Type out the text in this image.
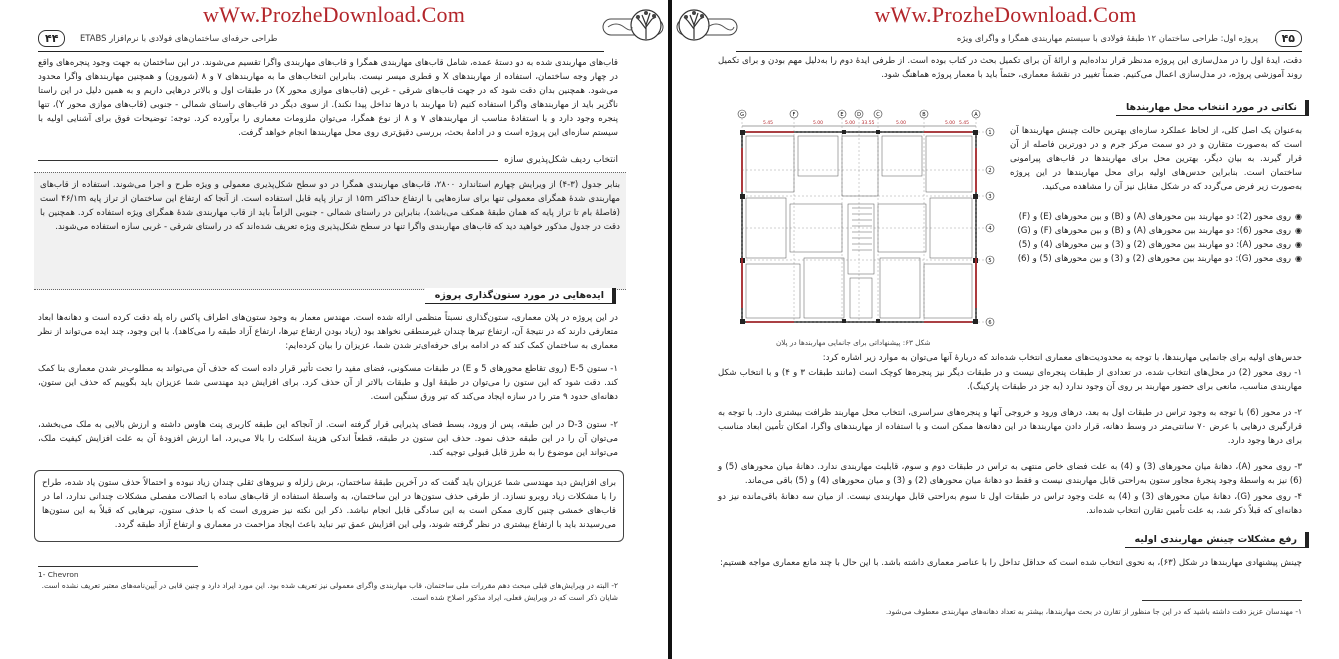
wWw.ProzheDownload.Com
۴۴	طراحی حرفه‌ای ساختمان‌های فولادی با نرم‌افزار ETABS
قاب‌های مهاربندی شده به دو دستهٔ عمده، شامل قاب‌های مهاربندی همگرا و قاب‌های مهاربندی واگرا تقسیم می‌شوند. در این ساختمان به جهت وجود پنجره‌های واقع در چهار وجه ساختمان، استفاده از مهاربندهای X و قطری میسر نیست. بنابراین انتخاب‌های ما به مهاربندهای ۷ و ۸ (شورون) و همچنین مهاربندهای واگرا محدود می‌شود. همچنین بدان دقت شود که در جهت قاب‌های شرقی - غربی (قاب‌های موازی محور X) در طبقات اول و بالاتر درهایی داریم و به همین دلیل در این راستا ناگزیر باید از مهاربندهای واگرا استفاده کنیم (تا مهاربند با درها تداخل پیدا نکند). از سوی دیگر در قاب‌های راستای شمالی - جنوبی (قاب‌های موازی محور Y)، تنها پنجره وجود دارد و با استفادهٔ مناسب از مهاربندهای ۷ و ۸ از نوع همگرا، می‌توان ملزومات معماری را برآورده کرد. توجه: توضیحات فوق برای آشنایی اولیه با سیستم سازه‌ای این پروژه است و در ادامهٔ بحث، بررسی دقیق‌تری روی محل مهاربندها انجام خواهد گرفت.
انتخاب ردیف شکل‌پذیری سازه
بنابر جدول (۳-۴) از ویرایش چهارم استاندارد ۲۸۰۰، قاب‌های مهاربندی همگرا در دو سطح شکل‌پذیری معمولی و ویژه طرح و اجرا می‌شوند. استفاده از قاب‌های مهاربندی شدهٔ همگرای معمولی تنها برای سازه‌هایی با ارتفاع حداکثر ۱۵m از تراز پایه قابل استفاده است. از آنجا که ارتفاع این ساختمان از تراز پایه ۴۶/۱m است (فاصلهٔ بام تا تراز پایه که همان طبقهٔ همکف می‌باشد)، بنابراین در راستای شمالی - جنوبی الزاماً باید از قاب مهاربندی شدهٔ همگرای ویژه استفاده کرد. همچنین با دقت در جدول مذکور خواهید دید که قاب‌های مهاربندی واگرا تنها در سطح شکل‌پذیری ویژه تعریف شده‌اند که در راستای شرقی - غربی سازه استفاده می‌شوند.
ایده‌هایی در مورد ستون‌گذاری پروژه
در این پروژه در پلان معماری، ستون‌گذاری نسبتاً منظمی ارائه شده است. مهندس معمار به وجود ستون‌های اطراف پاکس راه پله دقت کرده است و دهانه‌ها ابعاد متعارفی دارند که در نتیجهٔ آن، ارتفاع تیرها چندان غیرمنطقی نخواهد بود (زیاد بودن ارتفاع تیرها، ارتفاع آزاد طبقه را می‌کاهد). با این وجود، چند ایده می‌تواند از نظر معماری به ساختمان کمک کند که در ادامه برای حرفه‌ای‌تر شدن شما، عزیزان را بیان کرده‌ایم:
۱- ستون E-5 (روی تقاطع محورهای 5 و E) در طبقات مسکونی، فضای مفید را تحت تأثیر قرار داده است که حذف آن می‌تواند به مطلوب‌تر شدن معماری بنا کمک کند. دقت شود که این ستون را می‌توان در طبقهٔ اول و طبقات بالاتر از آن حذف کرد. برای افزایش دید مهندسی شما عزیزان باید بگوییم که حذف این ستون، دهانه‌ای حدود ۹ متر را در سازه ایجاد می‌کند که تیر ورق سنگین است.
۲- ستون D-3 در این طبقه، پس از ورود، بسط فضای پذیرایی قرار گرفته است. از آنجاکه این طبقه کاربری پنت هاوس داشته و ارزش بالایی به ملک می‌بخشد، می‌توان آن را در این طبقه حذف نمود. حذف این ستون در طبقه، قطعاً اندکی هزینهٔ اسکلت را بالا می‌برد، اما ارزش افزودهٔ آن به علت افزایش کیفیت ملک، می‌تواند این موضوع را به طرز قابل قبولی توجیه کند.
برای افزایش دید مهندسی شما عزیزان باید گفت که در آخرین طبقهٔ ساختمان، برش زلزله و نیروهای ثقلی چندان زیاد نبوده و احتمالاً حذف ستون یاد شده، طراح را با مشکلات زیاد روبرو نسازد. از طرفی حذف ستون‌ها در این ساختمان، به واسطهٔ استفاده از قاب‌های ساده با اتصالات مفصلی مشکلات چندانی ندارد، اما در قاب‌های خمشی چنین کاری ممکن است به این سادگی قابل انجام نباشد. ذکر این نکته نیز ضروری است که با حذف ستون، تیرهایی که قبلاً به این ستون‌ها می‌رسیدند باید با ارتفاع بیشتری در نظر گرفته شوند، ولی این افزایش عمق تیر نباید باعث ایجاد مزاحمت در معماری و ارتفاع آزاد طبقه گردد.
1- Chevron
۲- البته در ویرایش‌های قبلی مبحث دهم مقررات ملی ساختمان، قاب مهاربندی واگرای معمولی نیز تعریف شده بود. این مورد ایراد دارد و چنین قابی در آیین‌نامه‌های معتبر تعریف نشده است. شایان ذکر است که در ویرایش فعلی، ایراد مذکور اصلاح شده است.
wWw.ProzheDownload.Com
پروژه اول: طراحی ساختمان ۱۲ طبقهٔ فولادی با سیستم مهاربندی همگرا و واگرای ویژه	۴۵
دقت، ایدهٔ اول را در مدل‌سازی این پروژه مدنظر قرار نداده‌ایم و ارائهٔ آن برای تکمیل بحث در کتاب بوده است. از طرفی ایدهٔ دوم را به‌دلیل مهم بودن و برای تکمیل روند آموزشی پروژه، در مدل‌سازی اعمال می‌کنیم. ضمناً تغییر در نقشهٔ معماری، حتماً باید با معمار پروژه هماهنگ شود.
نکاتی در مورد انتخاب محل مهاربندها
5.45	5.00	5.00 33.55	5.00	5.00 5.45
G	F	E	D	C	B	A
1
2
3
4
5
6
شکل ۶۳: پیشنهاداتی برای جانمایی مهاربندها در پلان
به‌عنوان یک اصل کلی، از لحاظ عملکرد سازه‌ای بهترین حالت چینش مهاربندها آن است که به‌صورت متقارن و در دو سمت مرکز جرم و در دورترین فاصله از آن قرار گیرند. به بیان دیگر، بهترین محل برای مهاربندها در قاب‌های پیرامونی ساختمان است. بنابراین حدس‌های اولیه برای محل مهاربندها در این پروژه به‌صورت زیر فرض می‌گردد که در شکل مقابل نیز آن را مشاهده می‌کنید.
◉ روی محور (2): دو مهاربند بین محورهای (A) و (B) و بین محورهای (E) و (F)
◉ روی محور (6): دو مهاربند بین محورهای (A) و (B) و بین محورهای (F) و (G)
◉ روی محور (A): دو مهاربند بین محورهای (2) و (3) و بین محورهای (4) و (5)
◉ روی محور (G): دو مهاربند بین محورهای (2) و (3) و بین محورهای (5) و (6)
حدس‌های اولیه برای جانمایی مهاربندها، با توجه به محدودیت‌های معماری انتخاب شده‌اند که دربارهٔ آنها می‌توان به موارد زیر اشاره کرد:
۱- روی محور (2) در محل‌های انتخاب شده، در تعدادی از طبقات پنجره‌ای نیست و در طبقات دیگر نیز پنجره‌ها کوچک است (مانند طبقات ۳ و ۴) و با انتخاب شکل مهاربندی مناسب، مانعی برای حضور مهاربند بر روی آن وجود ندارد (به جز در طبقات پارکینگ).
۲- در محور (6) با توجه به وجود تراس در طبقات اول به بعد، درهای ورود و خروجی آنها و پنجره‌های سراسری، انتخاب محل مهاربند ظرافت بیشتری دارد. با توجه به قرارگیری درهایی با عرض ۷۰ سانتی‌متر در وسط دهانه، قرار دادن مهاربندها در این دهانه‌ها ممکن است و با استفاده از مهاربندهای واگرا، امکان تأمین ابعاد مناسب برای درها وجود دارد.
۳- روی محور (A)، دهانهٔ میان محورهای (3) و (4) به علت فضای خاص منتهی به تراس در طبقات دوم و سوم، قابلیت مهاربندی ندارد. دهانهٔ میان محورهای (5) و (6) نیز به واسطهٔ وجود پنجرهٔ مجاور ستون به‌راحتی قابل مهاربندی نیست و فقط دو دهانهٔ میان محورهای (2) و (3) و میان محورهای (4) و (5) باقی می‌ماند.
۴- روی محور (G)، دهانهٔ میان محورهای (3) و (4) به علت وجود تراس در طبقات اول تا سوم به‌راحتی قابل مهاربندی نیست. از میان سه دهانهٔ باقی‌مانده نیز دو دهانه‌ای که قبلاً ذکر شد، به علت تأمین تقارن انتخاب شده‌اند.
رفع مشکلات چینش مهاربندی اولیه
چینش پیشنهادی مهاربندها در شکل (۶۳)، به نحوی انتخاب شده است که حداقل تداخل را با عناصر معماری داشته باشد. با این حال با چند مانع معماری مواجه هستیم:
۱- مهندسان عزیز دقت داشته باشید که در این جا منظور از تقارن در بحث مهاربندها، بیشتر به تعداد دهانه‌های مهاربندی معطوف می‌شود.
